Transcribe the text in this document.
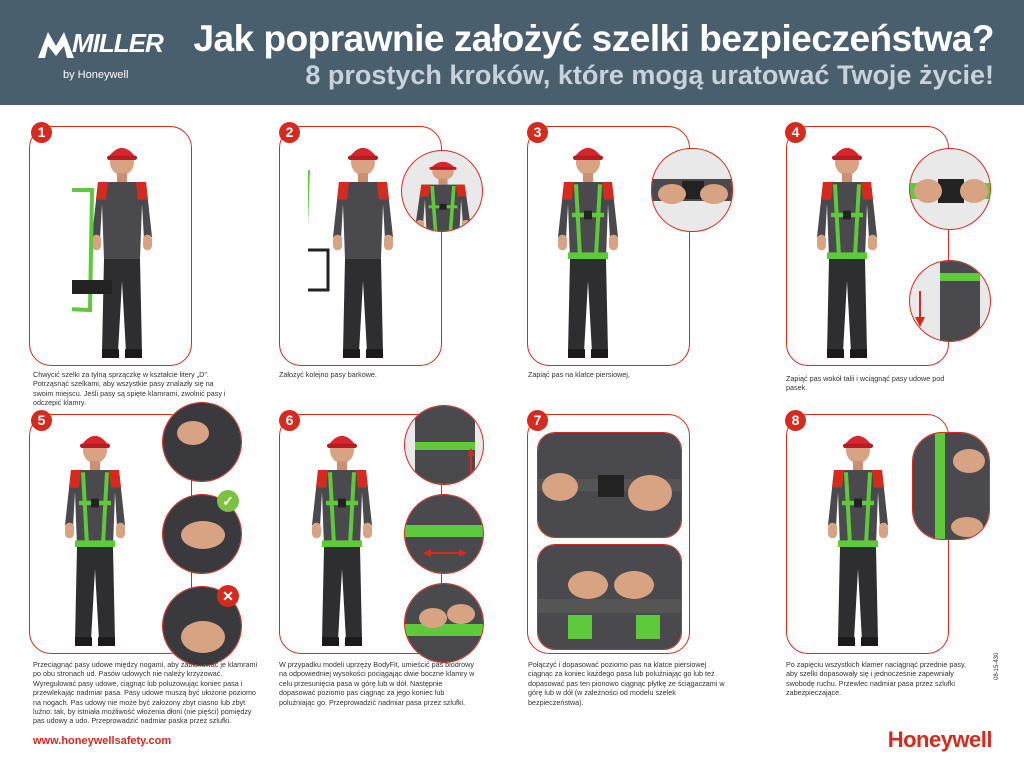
MILLER
by Honeywell
Jak poprawnie założyć szelki bezpieczeństwa?
8 prostych kroków, które mogą uratować Twoje życie!
1
Chwycić szelki za tylną sprzączkę w kształcie litery „D”. Potrząsnąć szelkami, aby wszystkie pasy znalazły się na swoim miejscu. Jeśli pasy są spięte klamrami, zwolnić pasy i odczepić klamry.
2
Założyć kolejno pasy barkowe.
3
Zapiąć pas na klatce piersiowej,
4
Zapiąć pas wokół talii i wciągnąć pasy udowe pod pasek.
5
✓
✕
Przeciągnąć pasy udowe między nogami, aby zablokować je klamrami po obu stronach ud. Pasów udowych nie należy krzyżować. Wyregulować pasy udowe, ciągnąc lub poluzowując koniec pasa i przewlekając nadmiar pasa. Pasy udowe muszą być ułożone poziomo na nogach. Pas udowy nie może być założony zbyt ciasno lub zbyt luźno: tak, by istniała możliwość włożenia dłoni (nie pięści) pomiędzy pas udowy a udo. Przeprowadzić nadmiar paska przez szlufki.
6
W przypadku modeli uprzęży BodyFit, umieścić pas biodrowy na odpowiedniej wysokości pociągając dwie boczne klamry w celu przesunięcia pasa w górę lub w dół. Następnie dopasować poziomo pas ciągnąc za jego koniec lub poluźniając go. Przeprowadzić nadmiar pasa przez szlufki.
7
Połączyć i dopasować poziomo pas na klatce piersiowej ciągnąc za koniec każdego pasa lub poluźniając go lub też dopasować pas ten pionowo ciągnąc płytkę ze ściągaczami w górę lub w dół (w zależności od modelu szelek bezpieczeństwa).
8
Po zapięciu wszystkich klamer naciągnąć przednie pasy, aby szelki dopasowały się i jednocześnie zapewniały swobodę ruchu. Przewlec nadmiar pasa przez szlufki zabezpieczające.
www.honeywellsafety.com	Honeywell
08-15-430
